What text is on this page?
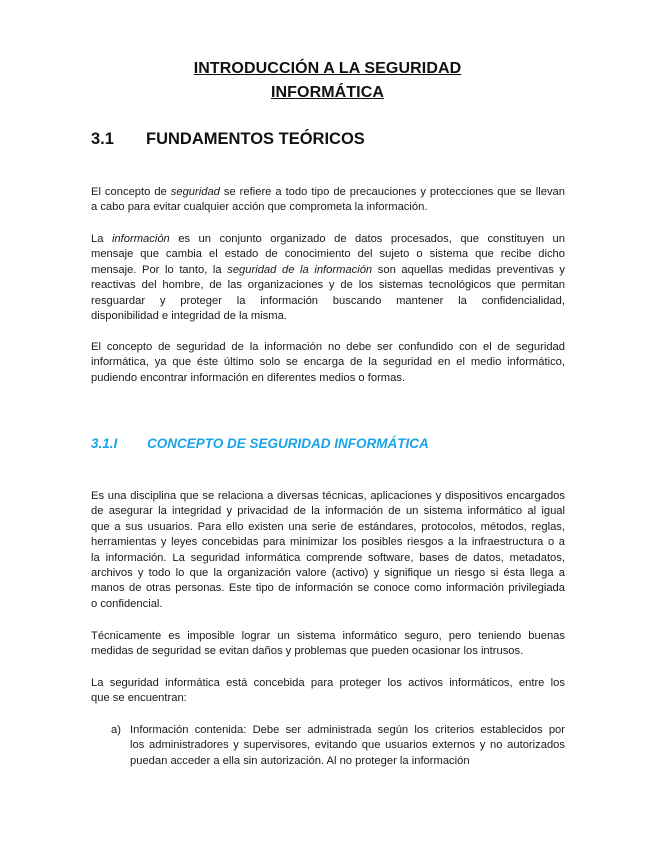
INTRODUCCIÓN A LA SEGURIDAD
INFORMÁTICA
3.1 FUNDAMENTOS TEÓRICOS
El concepto de seguridad se refiere a todo tipo de precauciones y protecciones que se llevan
a cabo para evitar cualquier acción que comprometa la información.
La información es un conjunto organizado de datos procesados, que constituyen un
mensaje que cambia el estado de conocimiento del sujeto o sistema que recibe dicho
mensaje. Por lo tanto, la seguridad de la información son aquellas medidas preventivas y
reactivas del hombre, de las organizaciones y de los sistemas tecnológicos que permitan
resguardar y proteger la información buscando mantener la confidencialidad,
disponibilidad e integridad de la misma.
El concepto de seguridad de la información no debe ser confundido con el de seguridad
informática, ya que éste último solo se encarga de la seguridad en el medio informático,
pudiendo encontrar información en diferentes medios o formas.
3.1.I CONCEPTO DE SEGURIDAD INFORMÁTICA
Es una disciplina que se relaciona a diversas técnicas, aplicaciones y dispositivos encargados
de asegurar la integridad y privacidad de la información de un sistema informático al igual
que a sus usuarios. Para ello existen una serie de estándares, protocolos, métodos, reglas,
herramientas y leyes concebidas para minimizar los posibles riesgos a la infraestructura o a
la información. La seguridad informática comprende software, bases de datos, metadatos,
archivos y todo lo que la organización valore (activo) y signifique un riesgo si ésta llega a
manos de otras personas. Este tipo de información se conoce como información privilegiada
o confidencial.
Técnicamente es imposible lograr un sistema informático seguro, pero teniendo buenas
medidas de seguridad se evitan daños y problemas que pueden ocasionar los intrusos.
La seguridad informática está concebida para proteger los activos informáticos, entre los
que se encuentran:
a) Información contenida: Debe ser administrada según los criterios establecidos por
los administradores y supervisores, evitando que usuarios externos y no autorizados
puedan acceder a ella sin autorización. Al no proteger la información
